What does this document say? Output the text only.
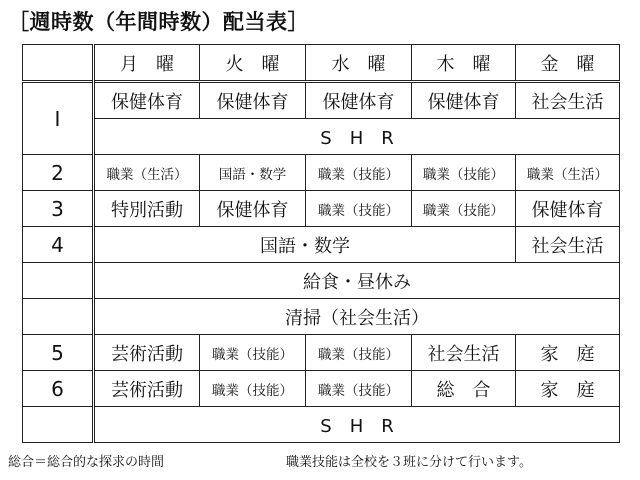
［週時数（年間時数）配当表］
	月　曜	火　曜	水　曜	木　曜	金　曜
Ⅰ	保健体育	保健体育	保健体育	保健体育	社会生活
	S　H　R				
2	職業（生活）	国語・数学	職業（技能）	職業（技能）	職業（生活）
3	特別活動	保健体育	職業（技能）	職業（技能）	保健体育
4	国語・数学				社会生活
	給食・昼休み				
	清掃（社会生活）				
5	芸術活動	職業（技能）	職業（技能）	社会生活	家　庭
6	芸術活動	職業（技能）	職業（技能）	総　合	家　庭
	S　H　R				
総合＝総合的な探求の時間	職業技能は全校を３班に分けて行います。
